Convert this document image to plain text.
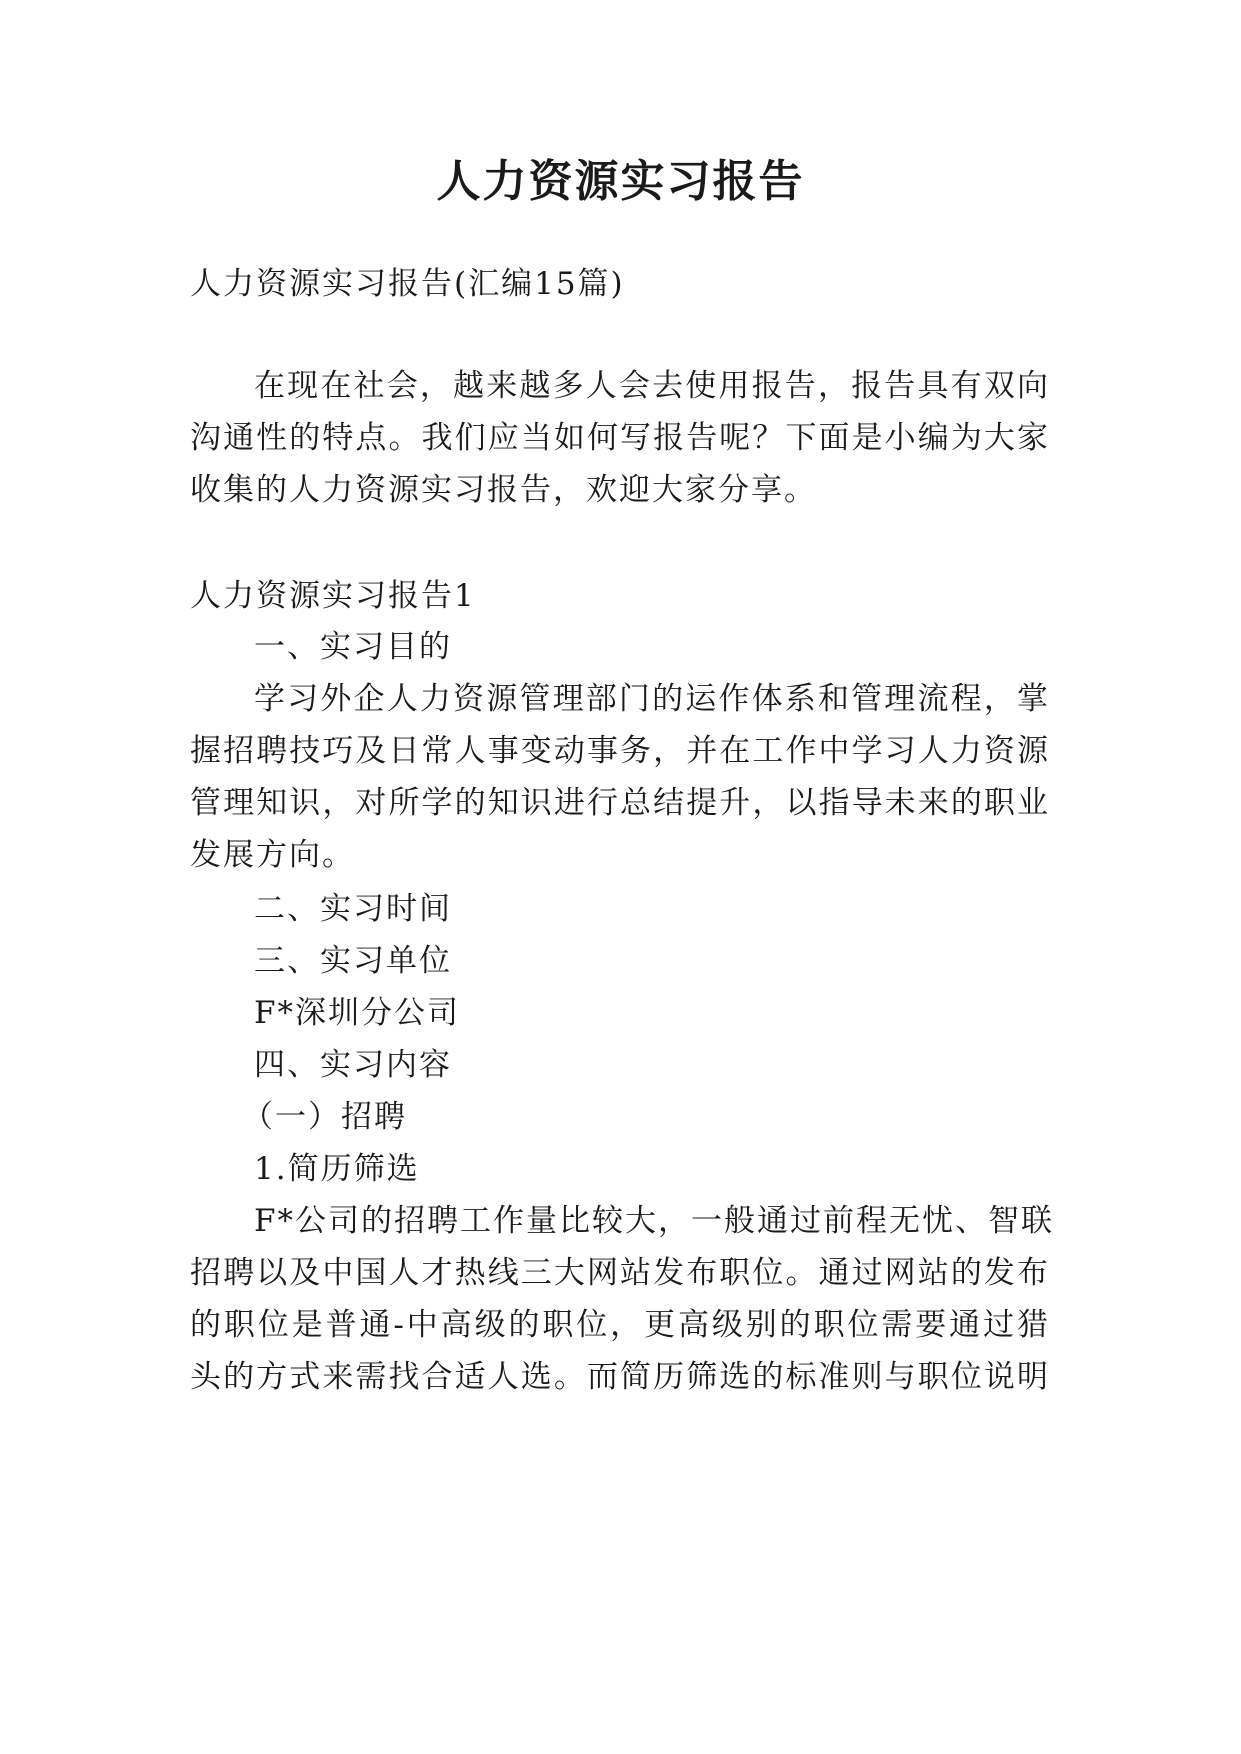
人力资源实习报告

人力资源实习报告(汇编15篇)

在现在社会，越来越多人会去使用报告，报告具有双向

沟通性的特点。我们应当如何写报告呢？下面是小编为大家

收集的人力资源实习报告，欢迎大家分享。

人力资源实习报告1

一、实习目的

学习外企人力资源管理部门的运作体系和管理流程，掌

握招聘技巧及日常人事变动事务，并在工作中学习人力资源

管理知识，对所学的知识进行总结提升，以指导未来的职业

发展方向。

二、实习时间

三、实习单位

F*深圳分公司

四、实习内容

（一）招聘

1.简历筛选

F*公司的招聘工作量比较大，一般通过前程无忧、智联

招聘以及中国人才热线三大网站发布职位。通过网站的发布

的职位是普通-中高级的职位，更高级别的职位需要通过猎

头的方式来需找合适人选。而简历筛选的标准则与职位说明
